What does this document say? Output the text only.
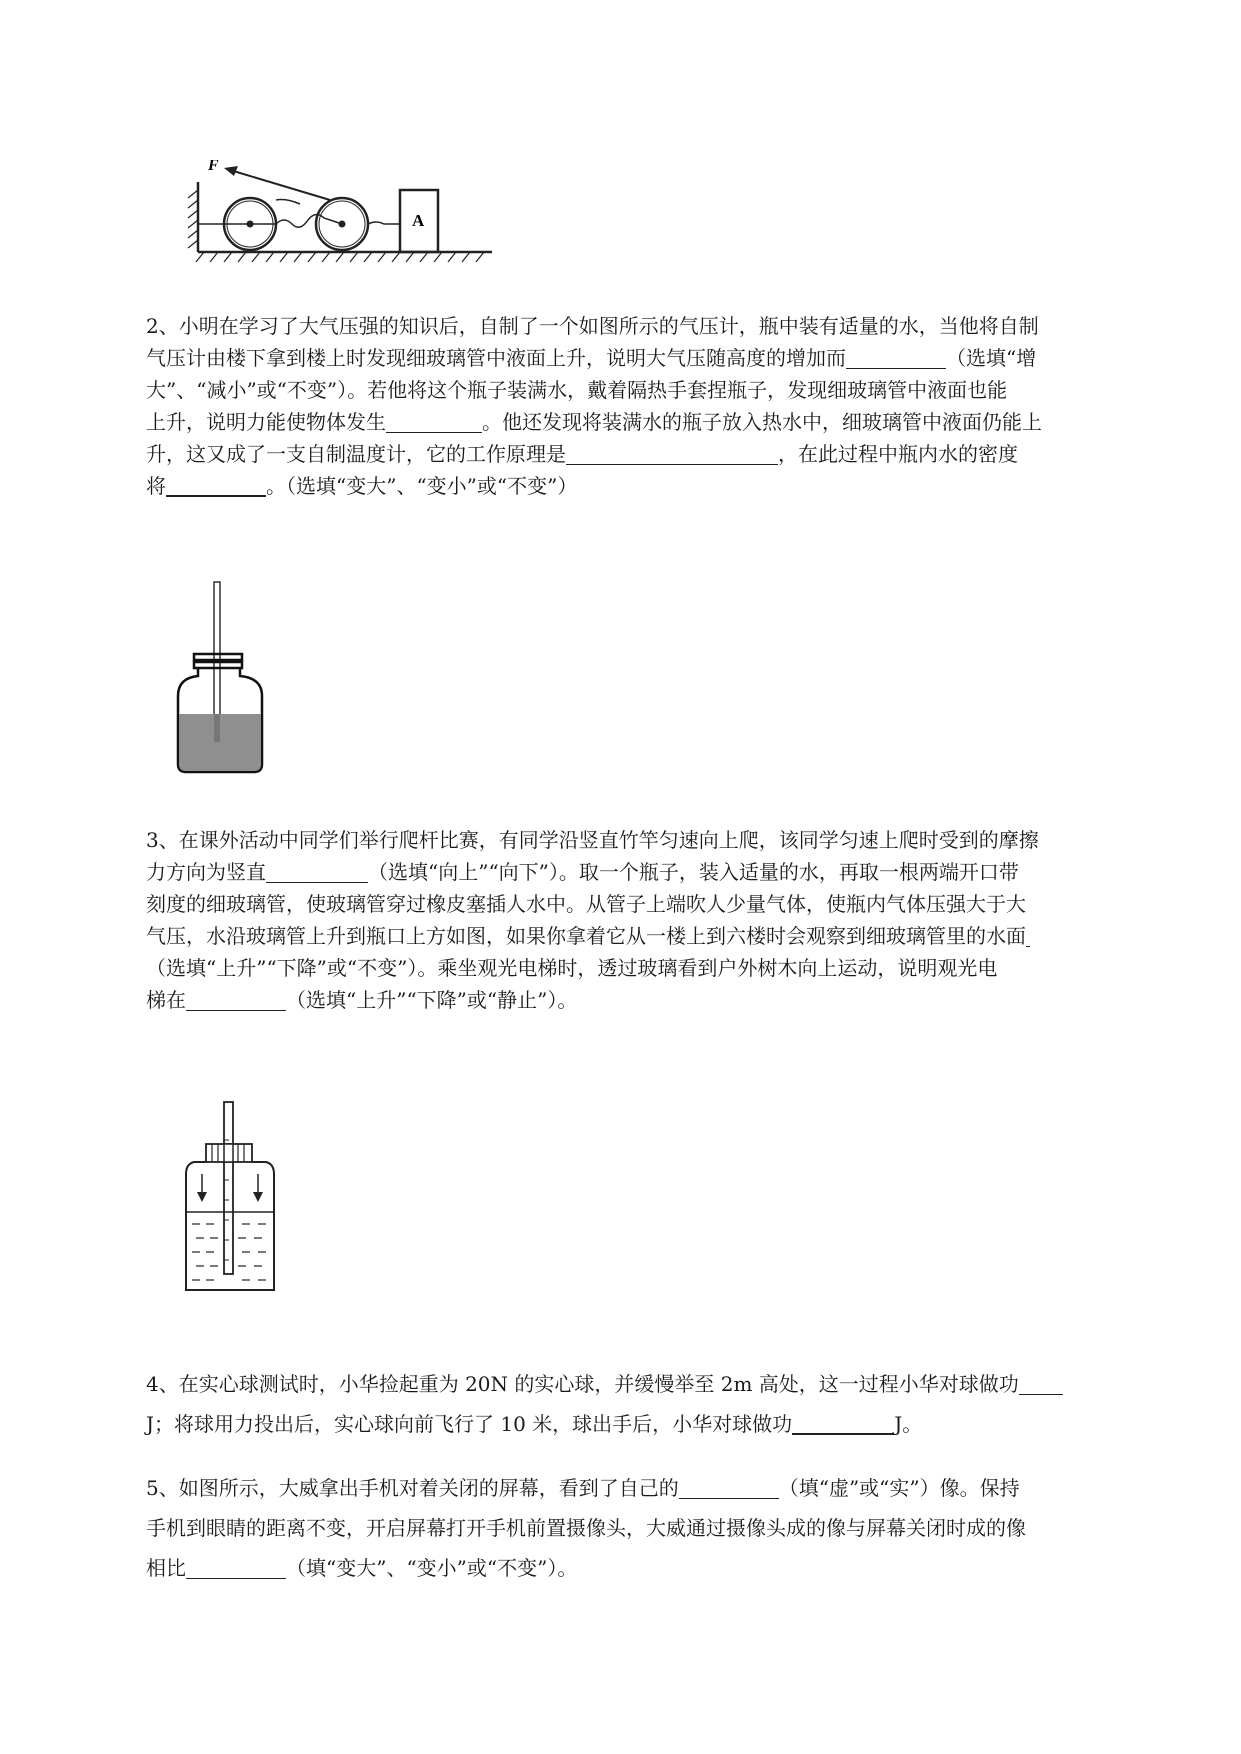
A
F
2、小明在学习了大气压强的知识后，自制了一个如图所示的气压计，瓶中装有适量的水，当他将自制
气压计由楼下拿到楼上时发现细玻璃管中液面上升，说明大气压随高度的增加而	（选填“增
大”、“减小”或“不变”）。若他将这个瓶子装满水，戴着隔热手套捏瓶子，发现细玻璃管中液面也能
上升，说明力能使物体发生	。他还发现将装满水的瓶子放入热水中，细玻璃管中液面仍能上
升，这又成了一支自制温度计，它的工作原理是	，在此过程中瓶内水的密度
将	。（选填“变大”、“变小”或“不变”）
3、在课外活动中同学们举行爬杆比赛，有同学沿竖直竹竿匀速向上爬，该同学匀速上爬时受到的摩擦
力方向为竖直	（选填“向上”“向下”）。取一个瓶子，装入适量的水，再取一根两端开口带
刻度的细玻璃管，使玻璃管穿过橡皮塞插人水中。从管子上端吹人少量气体，使瓶内气体压强大于大
气压，水沿玻璃管上升到瓶口上方如图，如果你拿着它从一楼上到六楼时会观察到细玻璃管里的水面
（选填“上升”“下降”或“不变”）。乘坐观光电梯时，透过玻璃看到户外树木向上运动，说明观光电
梯在	（选填“上升”“下降”或“静止”）。
4、在实心球测试时，小华捡起重为 20N 的实心球，并缓慢举至 2m 高处，这一过程小华对球做功
J；将球用力投出后，实心球向前飞行了 10 米，球出手后，小华对球做功	J。
5、如图所示，大威拿出手机对着关闭的屏幕，看到了自己的	（填“虚”或“实”）像。保持
手机到眼睛的距离不变，开启屏幕打开手机前置摄像头，大威通过摄像头成的像与屏幕关闭时成的像
相比	（填“变大”、“变小”或“不变”）。
